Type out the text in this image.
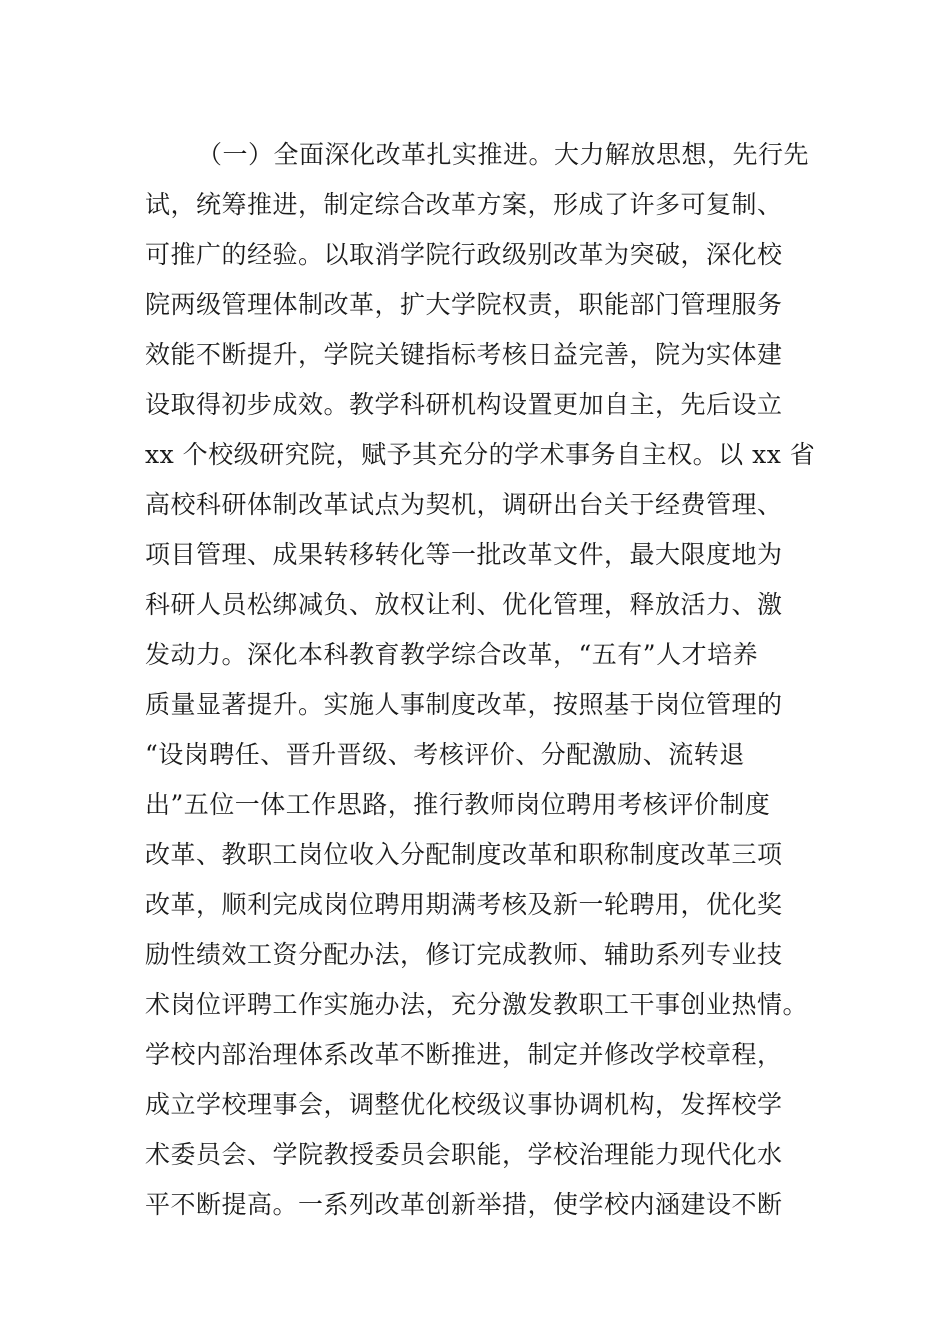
（一）全面深化改革扎实推进。大力解放思想，先行先
试，统筹推进，制定综合改革方案，形成了许多可复制、
可推广的经验。以取消学院行政级别改革为突破，深化校
院两级管理体制改革，扩大学院权责，职能部门管理服务
效能不断提升，学院关键指标考核日益完善，院为实体建
设取得初步成效。教学科研机构设置更加自主，先后设立
xx 个校级研究院，赋予其充分的学术事务自主权。以 xx 省
高校科研体制改革试点为契机，调研出台关于经费管理、
项目管理、成果转移转化等一批改革文件，最大限度地为
科研人员松绑减负、放权让利、优化管理，释放活力、激
发动力。深化本科教育教学综合改革，“五有”人才培养
质量显著提升。实施人事制度改革，按照基于岗位管理的
“设岗聘任、晋升晋级、考核评价、分配激励、流转退
出”五位一体工作思路，推行教师岗位聘用考核评价制度
改革、教职工岗位收入分配制度改革和职称制度改革三项
改革，顺利完成岗位聘用期满考核及新一轮聘用，优化奖
励性绩效工资分配办法，修订完成教师、辅助系列专业技
术岗位评聘工作实施办法，充分激发教职工干事创业热情。
学校内部治理体系改革不断推进，制定并修改学校章程，
成立学校理事会，调整优化校级议事协调机构，发挥校学
术委员会、学院教授委员会职能，学校治理能力现代化水
平不断提高。一系列改革创新举措，使学校内涵建设不断
